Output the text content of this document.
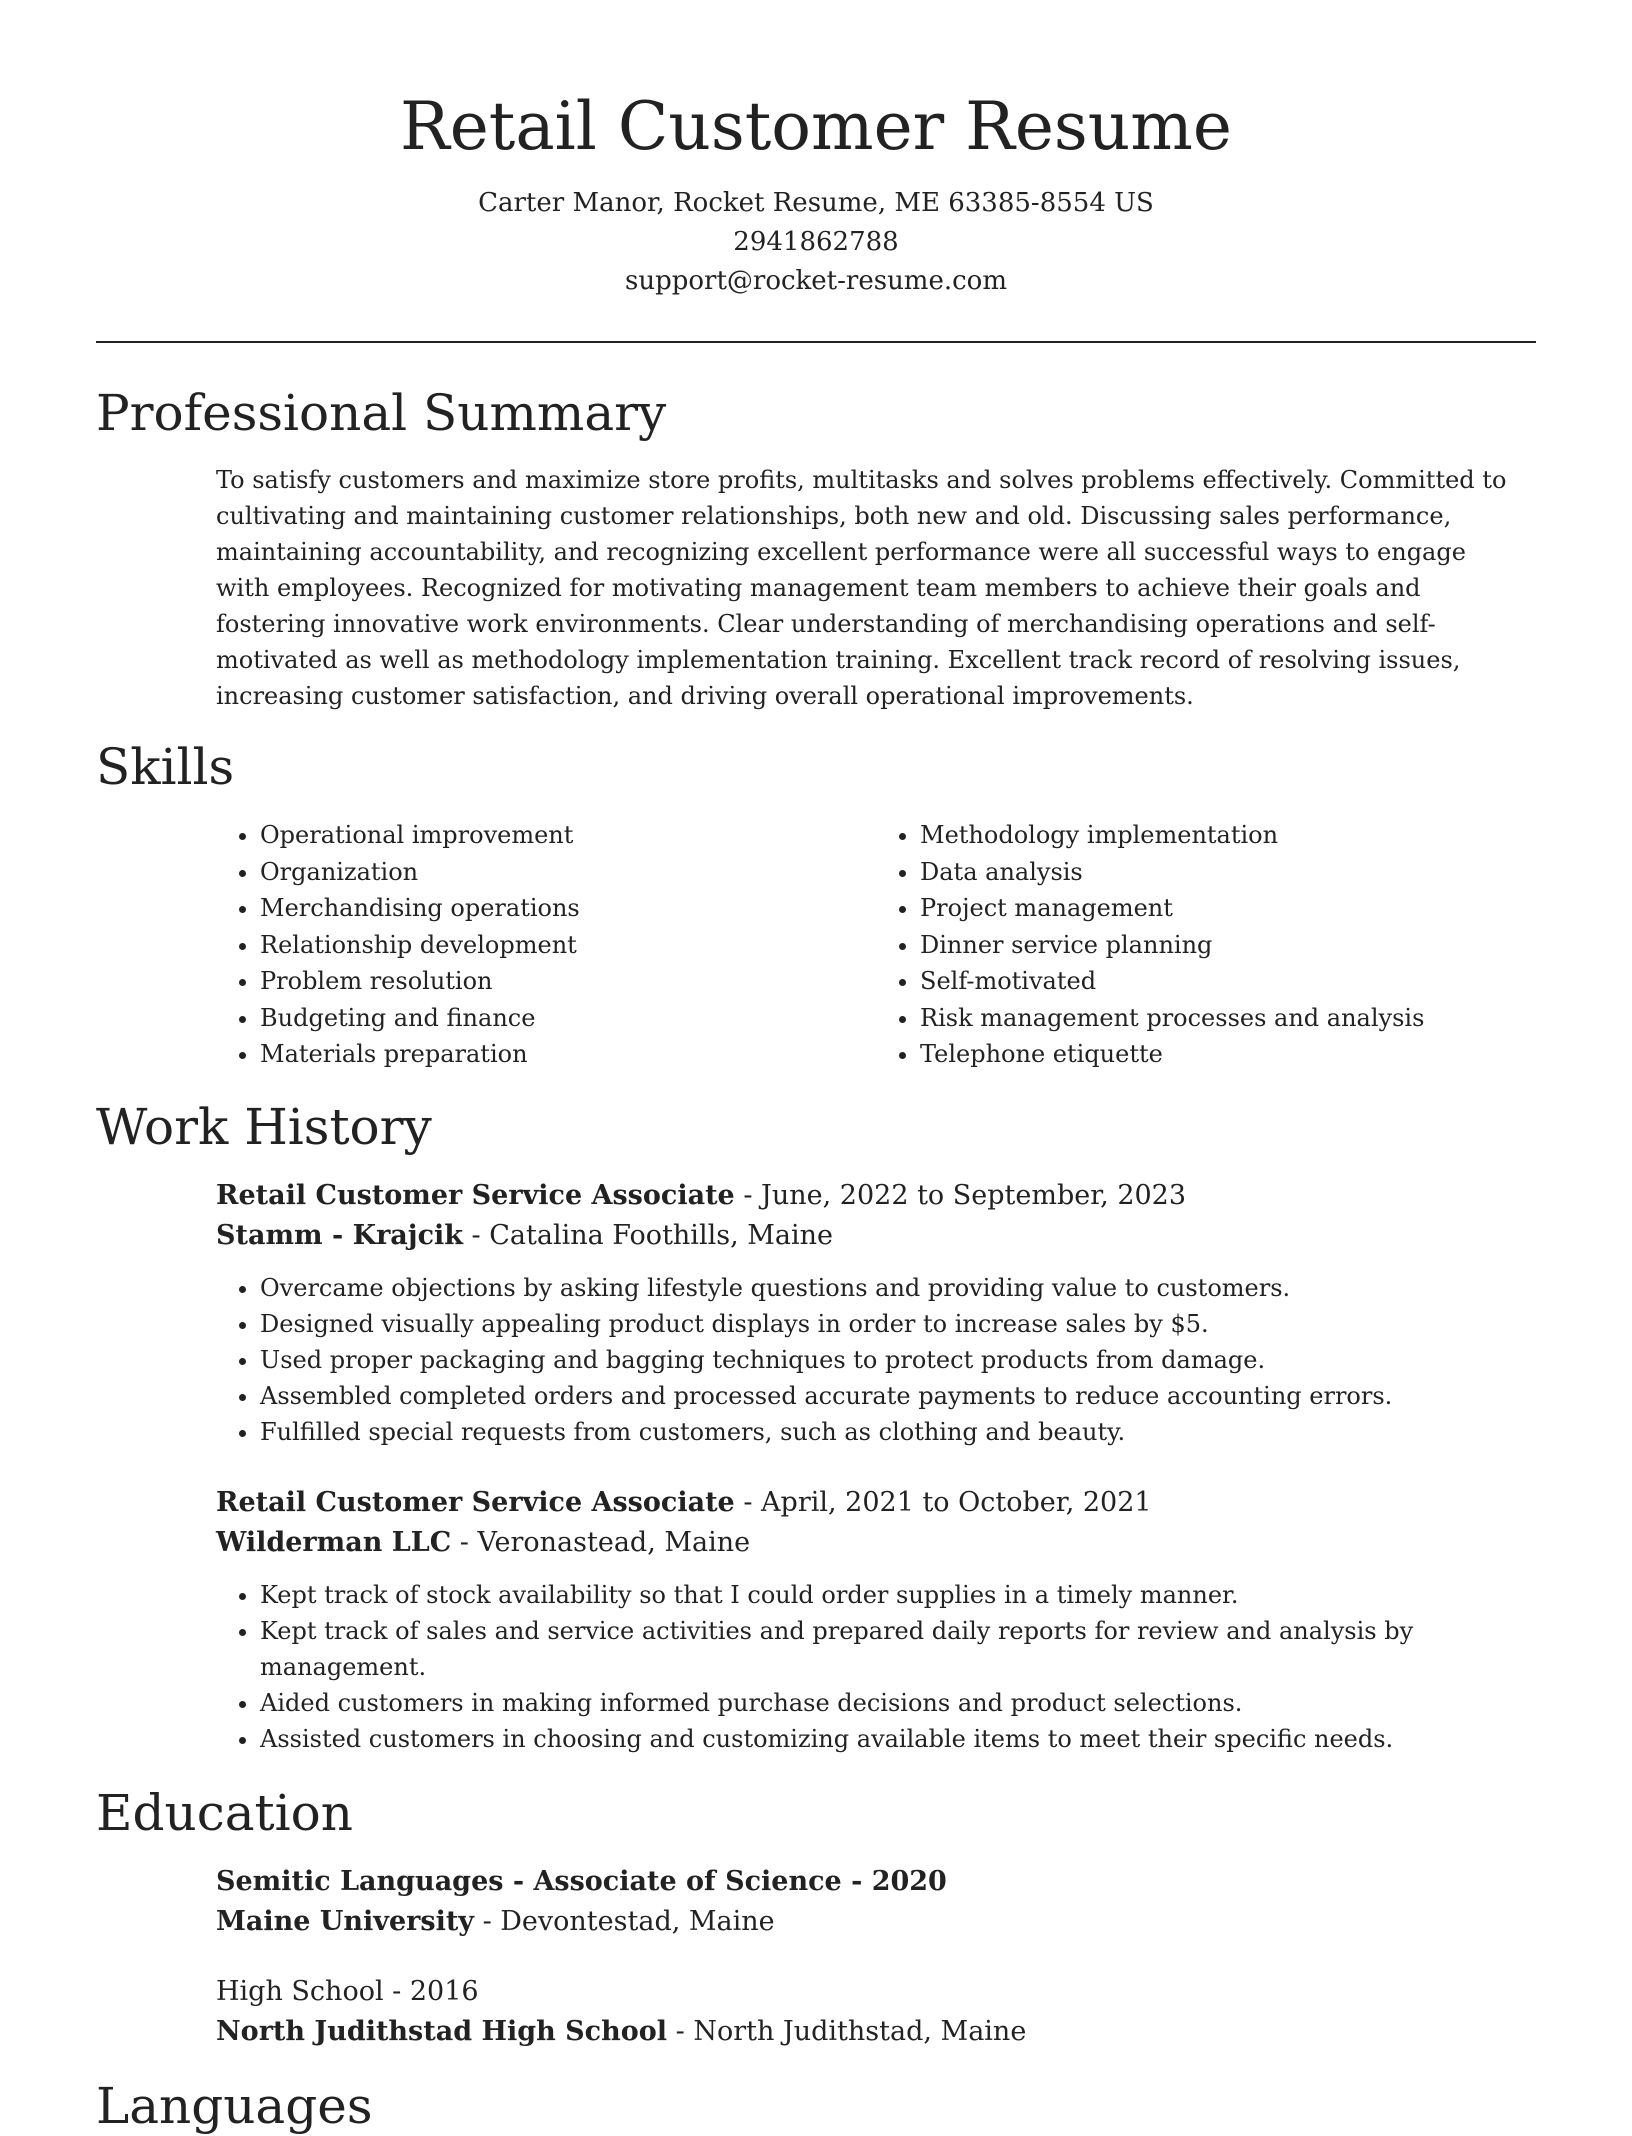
Retail Customer Resume
Carter Manor, Rocket Resume, ME 63385-8554 US
2941862788
support@rocket-resume.com
Professional Summary

To satisfy customers and maximize store profits, multitasks and solves problems effectively. Committed to cultivating and maintaining customer relationships, both new and old. Discussing sales performance, maintaining accountability, and recognizing excellent performance were all successful ways to engage with employees. Recognized for motivating management team members to achieve their goals and fostering innovative work environments. Clear understanding of merchandising operations and self-motivated as well as methodology implementation training. Excellent track record of resolving issues, increasing customer satisfaction, and driving overall operational improvements.

Skills
• Operational improvement
• Organization
• Merchandising operations
• Relationship development
• Problem resolution
• Budgeting and finance
• Materials preparation
• Methodology implementation
• Data analysis
• Project management
• Dinner service planning
• Self-motivated
• Risk management processes and analysis
• Telephone etiquette
Work History
Retail Customer Service Associate - June, 2022 to September, 2023
Stamm - Krajcik - Catalina Foothills, Maine
• Overcame objections by asking lifestyle questions and providing value to customers.
• Designed visually appealing product displays in order to increase sales by $5.
• Used proper packaging and bagging techniques to protect products from damage.
• Assembled completed orders and processed accurate payments to reduce accounting errors.
• Fulfilled special requests from customers, such as clothing and beauty.
Retail Customer Service Associate - April, 2021 to October, 2021
Wilderman LLC - Veronastead, Maine
• Kept track of stock availability so that I could order supplies in a timely manner.
• Kept track of sales and service activities and prepared daily reports for review and analysis by management.
• Aided customers in making informed purchase decisions and product selections.
• Assisted customers in choosing and customizing available items to meet their specific needs.
Education
Semitic Languages - Associate of Science - 2020
Maine University - Devontestad, Maine
High School - 2016
North Judithstad High School - North Judithstad, Maine
Languages
